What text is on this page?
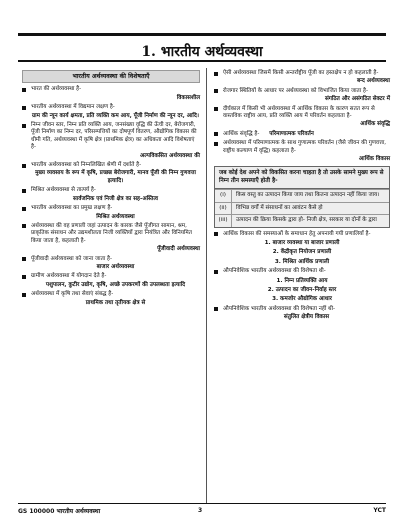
1. भारतीय अर्थव्यवस्था
भारतीय अर्थव्यवस्था की विशेषताएँ
भारत की अर्थव्यवस्था है-
विकासशील
भारतीय अर्थव्यवस्था में विद्यमान लक्षण है-
ग्राम की न्यून कार्य क्षमता, प्रति व्यक्ति कम आय, पूँजी निर्माण की न्यून दर, आदि।
निम्न जीवन स्तर, निम्न प्रति व्यक्ति आय, जनसंख्या वृद्धि की ऊँची दर, बेरोजगारी, पूँजी निर्माण का निम्न दर, परिसम्पत्तियों का दोषपूर्ण वितरण, औद्योगिक विकास की धीमी गति, अर्थव्यवस्था में कृषि क्षेत्र (प्राथमिक क्षेत्र) का अधिकता आदि विशेषताएं है-
अल्पविकसित अर्थव्यवस्था की
भारतीय अर्थव्यवस्था को निम्नलिखित श्रेणी में दर्शाते है-
मुख्य व्यवसाय के रूप में कृषि, प्रच्छन्न बेरोजगारी, मानव पूँजी की निम्न गुणवत्ता इत्यादि।
मिश्रित अर्थव्यवस्था से तात्पर्य है-
सार्वजनिक एवं निजी क्षेत्र का सह-अस्तित्व
भारतीय अर्थव्यवस्था का प्रमुख लक्षण है-
मिश्रित अर्थव्यवस्था
अर्थव्यवस्था की वह प्रणाली जहां उत्पादन के कारक जैसे पूँजीगत सामान, श्रम, प्राकृतिक संसाधन और उद्यमशीलता निजी व्यक्तियों द्वारा नियंत्रित और विनियमित किया जाता है, कहलाती है-
पूँजीवादी अर्थव्यवस्था
पूँजीवादी अर्थव्यवस्था को जाना जाता है-
बाजार अर्थव्यवस्था
ग्रामीण अर्थव्यवस्था में योगदान देते है-
पशुपालन, कुटीर उद्योग, कृषि, अच्छे उपकरणों की उपलब्धता इत्यादि
अर्थव्यवस्था में कृषि तथा सेवाएं संबद्ध है-
प्राथमिक तथा तृतीयक क्षेत्र से
ऐसी अर्थव्यवस्था जिसमें किसी अन्तर्राष्ट्रीय पूँजी का हस्तक्षेप न हो कहलाती है-
बन्द अर्थव्यवस्था
रोजगार स्थितियों के आधार पर अर्थव्यवस्था को विभाजित किया जाता है-
संगठित और असंगठित सेक्टर में
दीर्घकाल में किसी भी अर्थव्यवस्था में आर्थिक विकास के कारण सतत रूप से वास्तविक राष्ट्रीय आय, प्रति व्यक्ति आय में परिवर्तन कहलाता है-
आर्थिक संवृद्धि
आर्थिक संवृद्धि है- परिमाणात्मक परिवर्तन
अर्थव्यवस्था में परिमाणात्मक के साथ गुणात्मक परिवर्तन (जैसे जीवन की गुणवत्ता, राष्ट्रीय कल्याण में वृद्धि) कहलाता है-
आर्थिक विकास
जब कोई देश अपने को विकसित करना चाहता है तो उसके सामने मुख्य रूप से निम्न तीन समस्याएँ होती है-
(i)	किस वस्तु का उत्पादन किया जाय तथा कितना उत्पादन नहीं किया जाय।
(ii)	विभिन्न वर्गों में संसाधनों का आवंटन कैसे हो
(iii)	उत्पादन की क्रिया किसके द्वारा हो- निजी क्षेत्र, सरकार या दोनों के द्वारा
आर्थिक विकास की समस्याओं के समाधान हेतु अपनायी गयी प्रणालियाँ है-
1. बाजार व्यवस्था या बाजार प्रणाली
2. केंद्रीकृत नियोजन प्रणाली
3. मिश्रित आर्थिक प्रणाली
औपनिवेशिक भारतीय अर्थव्यवस्था की विशेषता थी-
1. निम्न प्रतिव्यक्ति आय
2. उत्पादन का जीवन-निर्वाह स्तर
3. कमजोर औद्योगिक आधार
औपनिवेशिक भारतीय अर्थव्यवस्था की विशेषता नहीं थी-
संतुलित क्षेत्रीय विकास
GS 100000 भारतीय अर्थव्यवस्था	3	YCT
